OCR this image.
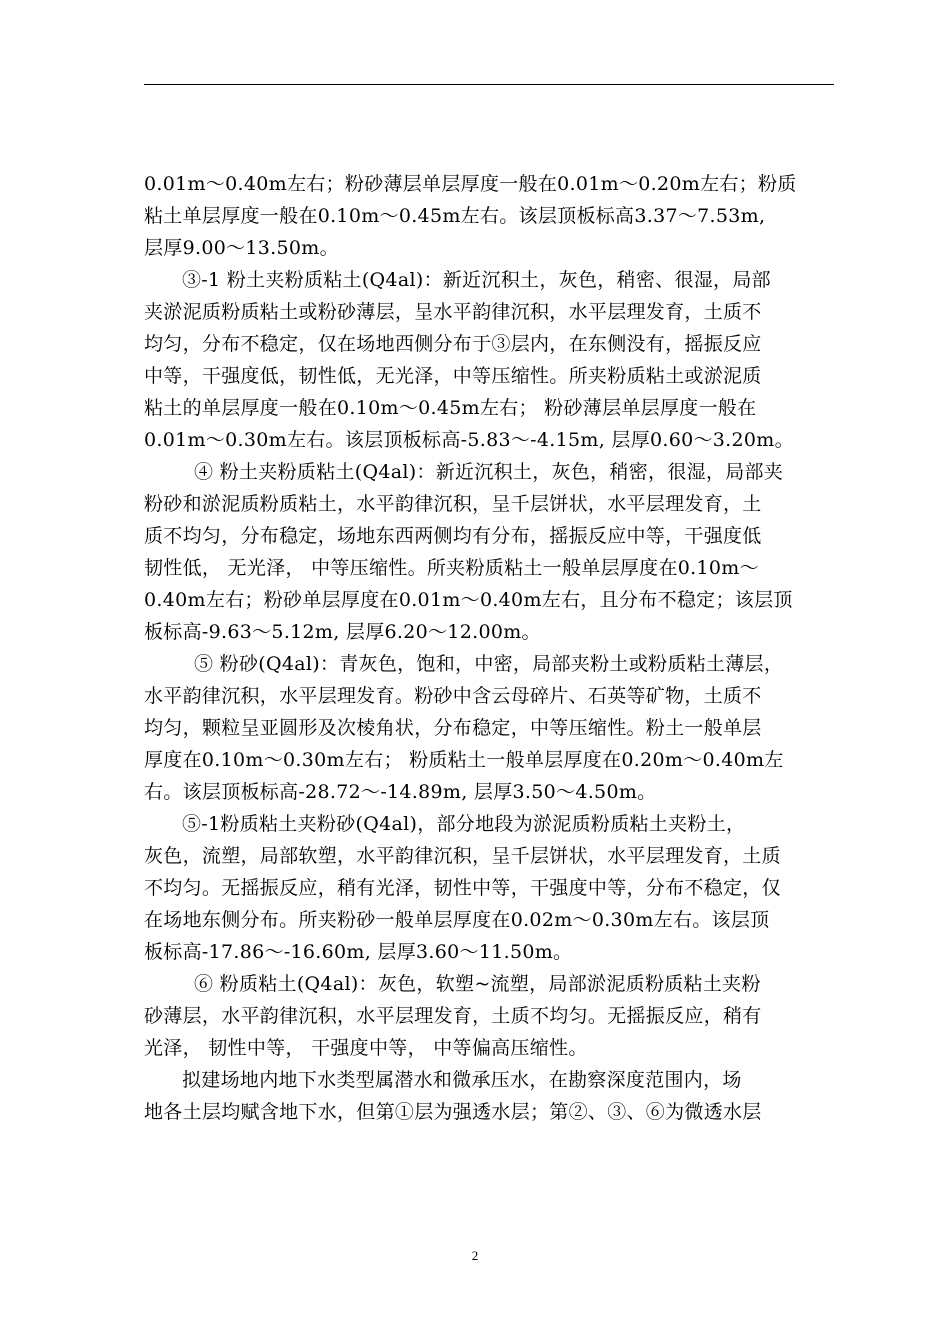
0.01m～0.40m左右；粉砂薄层单层厚度一般在0.01m～0.20m左右；粉质
粘土单层厚度一般在0.10m～0.45m左右。该层顶板标高3.37～7.53m,
层厚9.00～13.50m。
③-1 粉土夹粉质粘土(Q4al)：新近沉积土，灰色，稍密、很湿，局部
夹淤泥质粉质粘土或粉砂薄层，呈水平韵律沉积，水平层理发育，土质不
均匀，分布不稳定，仅在场地西侧分布于③层内，在东侧没有，摇振反应
中等，干强度低，韧性低，无光泽，中等压缩性。所夹粉质粘土或淤泥质
粘土的单层厚度一般在0.10m～0.45m左右； 粉砂薄层单层厚度一般在
0.01m～0.30m左右。该层顶板标高-5.83～-4.15m, 层厚0.60～3.20m。
④ 粉土夹粉质粘土(Q4al)：新近沉积土，灰色，稍密，很湿，局部夹
粉砂和淤泥质粉质粘土，水平韵律沉积，呈千层饼状，水平层理发育，土
质不均匀，分布稳定，场地东西两侧均有分布，摇振反应中等，干强度低
韧性低， 无光泽， 中等压缩性。所夹粉质粘土一般单层厚度在0.10m～
0.40m左右；粉砂单层厚度在0.01m～0.40m左右，且分布不稳定；该层顶
板标高-9.63～5.12m, 层厚6.20～12.00m。
⑤ 粉砂(Q4al)：青灰色，饱和，中密，局部夹粉土或粉质粘土薄层，
水平韵律沉积，水平层理发育。粉砂中含云母碎片、石英等矿物，土质不
均匀，颗粒呈亚圆形及次棱角状，分布稳定，中等压缩性。粉土一般单层
厚度在0.10m～0.30m左右； 粉质粘土一般单层厚度在0.20m～0.40m左
右。该层顶板标高-28.72～-14.89m, 层厚3.50～4.50m。
⑤-1粉质粘土夹粉砂(Q4al)，部分地段为淤泥质粉质粘土夹粉土，
灰色，流塑，局部软塑，水平韵律沉积，呈千层饼状，水平层理发育，土质
不均匀。无摇振反应，稍有光泽，韧性中等，干强度中等，分布不稳定，仅
在场地东侧分布。所夹粉砂一般单层厚度在0.02m～0.30m左右。该层顶
板标高-17.86～-16.60m, 层厚3.60～11.50m。
⑥ 粉质粘土(Q4al)：灰色，软塑~流塑，局部淤泥质粉质粘土夹粉
砂薄层，水平韵律沉积，水平层理发育，土质不均匀。无摇振反应，稍有
光泽， 韧性中等， 干强度中等， 中等偏高压缩性。
拟建场地内地下水类型属潜水和微承压水，在勘察深度范围内，场
地各土层均赋含地下水，但第①层为强透水层；第②、③、⑥为微透水层
2
